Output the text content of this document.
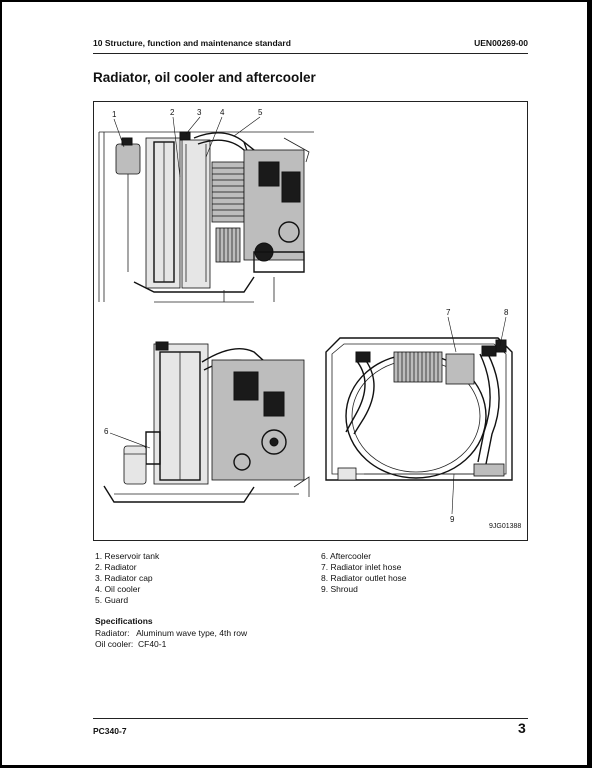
10 Structure, function and maintenance standard	UEN00269-00
Radiator, oil cooler and aftercooler
1	2	3 4	5
6
7	8
9
9JG01388
1. Reservoir tank
2. Radiator
3. Radiator cap
4. Oil cooler
5. Guard
6. Aftercooler
7. Radiator inlet hose
8. Radiator outlet hose
9. Shroud
Specifications
Radiator:   Aluminum wave type, 4th row
Oil cooler:  CF40-1
PC340-7	3
